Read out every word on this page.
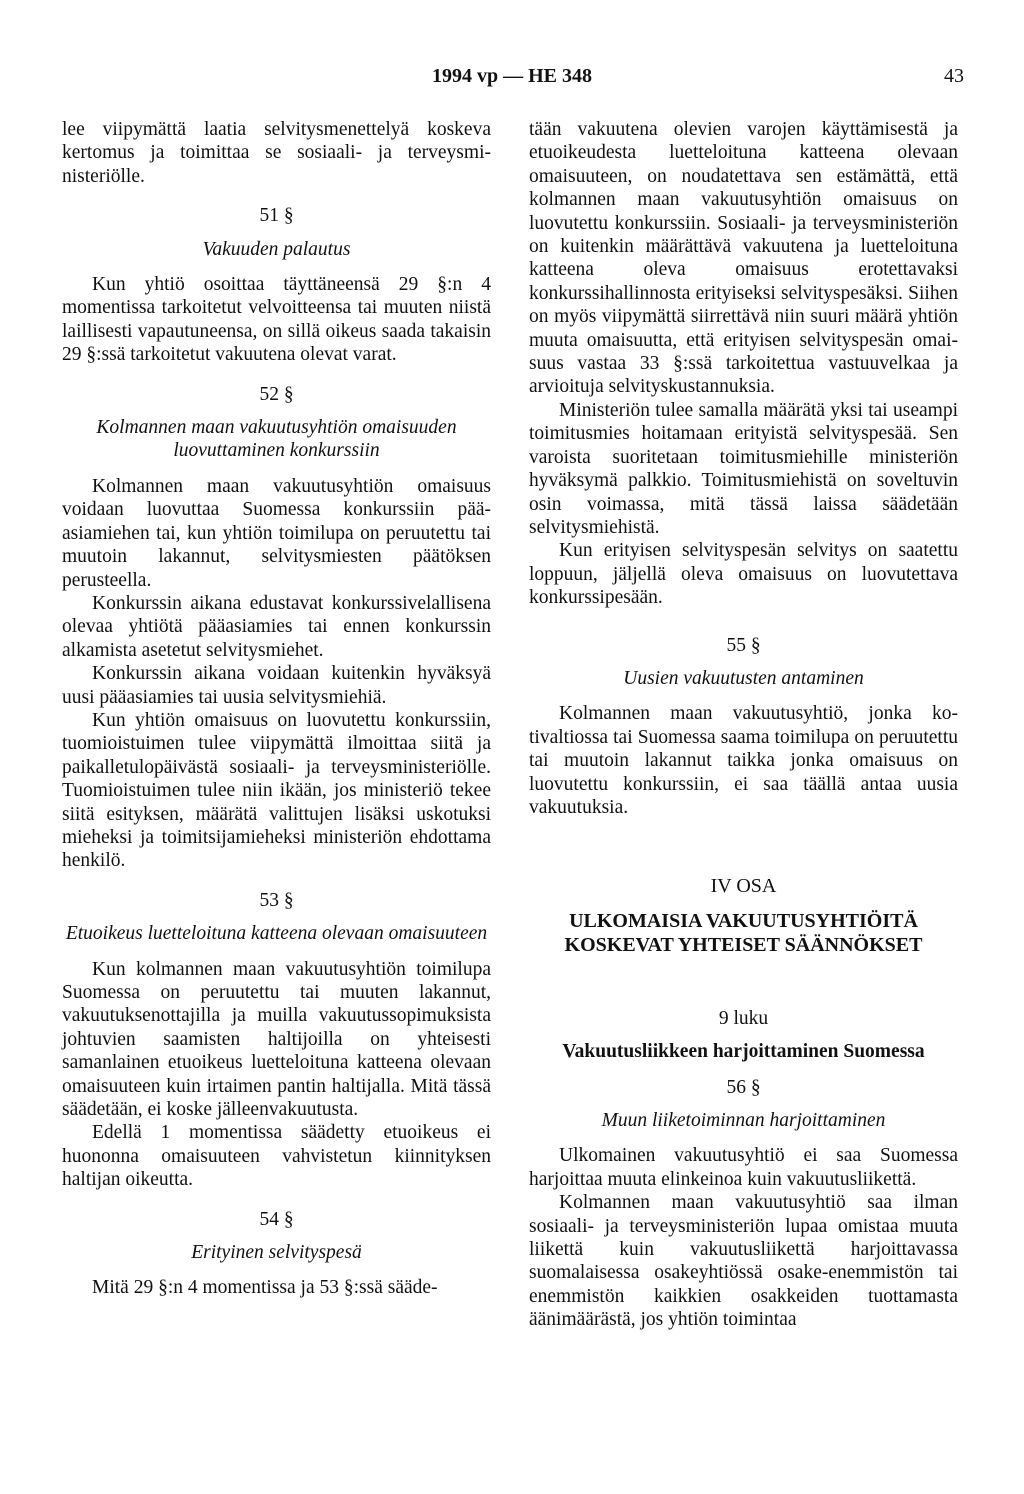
1994 vp — HE 348	43

lee viipymättä laatia selvitysmenettelyä koskeva kertomus ja toimittaa se sosiaali- ja terveysministeriölle.

51 §
Vakuuden palautus

Kun yhtiö osoittaa täyttäneensä 29 §:n 4 momentissa tarkoitetut velvoitteensa tai muuten niistä laillisesti vapautuneensa, on sillä oikeus saada takaisin 29 §:ssä tarkoitetut vakuutena olevat varat.

52 §
Kolmannen maan vakuutusyhtiön omaisuuden luovuttaminen konkurssiin

Kolmannen maan vakuutusyhtiön omaisuus voidaan luovuttaa Suomessa konkurssiin pääasiamiehen tai, kun yhtiön toimilupa on peruutettu tai muutoin lakannut, selvitysmiesten päätöksen perusteella.

Konkurssin aikana edustavat konkurssivelallisena olevaa yhtiötä pääasiamies tai ennen konkurssin alkamista asetetut selvitysmiehet.

Konkurssin aikana voidaan kuitenkin hyväksyä uusi pääasiamies tai uusia selvitysmiehiä.

Kun yhtiön omaisuus on luovutettu konkurssiin, tuomioistuimen tulee viipymättä ilmoittaa siitä ja paikalletulopäivästä sosiaali- ja terveysministeriölle. Tuomioistuimen tulee niin ikään, jos ministeriö tekee siitä esityksen, määrätä valittujen lisäksi uskotuksi mieheksi ja toimitsijamieheksi ministeriön ehdottama henkilö.

53 §
Etuoikeus luetteloituna katteena olevaan omaisuuteen

Kun kolmannen maan vakuutusyhtiön toimilupa Suomessa on peruutettu tai muuten lakannut, vakuutuksenottajilla ja muilla vakuutussopimuksista johtuvien saamisten haltijoilla on yhteisesti samanlainen etuoikeus luetteloituna katteena olevaan omaisuuteen kuin irtaimen pantin haltijalla. Mitä tässä säädetään, ei koske jälleenvakuutusta.

Edellä 1 momentissa säädetty etuoikeus ei huononna omaisuuteen vahvistetun kiinnityksen haltijan oikeutta.

54 §
Erityinen selvityspesä

Mitä 29 §:n 4 momentissa ja 53 §:ssä sääde-

tään vakuutena olevien varojen käyttämisestä ja etuoikeudesta luetteloituna katteena olevaan omaisuuteen, on noudatettava sen estämättä, että kolmannen maan vakuutusyhtiön omaisuus on luovutettu konkurssiin. Sosiaali- ja terveysministeriön on kuitenkin määrättävä vakuutena ja luetteloituna katteena oleva omaisuus erotettavaksi konkurssihallinnosta erityiseksi selvityspesäksi. Siihen on myös viipymättä siirrettävä niin suuri määrä yhtiön muuta omaisuutta, että erityisen selvityspesän omaisuus vastaa 33 §:ssä tarkoitettua vastuuvelkaa ja arvioituja selvityskustannuksia.

Ministeriön tulee samalla määrätä yksi tai useampi toimitusmies hoitamaan erityistä selvityspesää. Sen varoista suoritetaan toimitusmiehille ministeriön hyväksymä palkkio. Toimitusmiehistä on soveltuvin osin voimassa, mitä tässä laissa säädetään selvitysmiehistä.

Kun erityisen selvityspesän selvitys on saatettu loppuun, jäljellä oleva omaisuus on luovutettava konkurssipesään.

55 §
Uusien vakuutusten antaminen

Kolmannen maan vakuutusyhtiö, jonka kotivaltiossa tai Suomessa saama toimilupa on peruutettu tai muutoin lakannut taikka jonka omaisuus on luovutettu konkurssiin, ei saa täällä antaa uusia vakuutuksia.

IV OSA
ULKOMAISIA VAKUUTUSYHTIÖITÄ KOSKEVAT YHTEISET SÄÄNNÖKSET
9 luku
Vakuutusliikkeen harjoittaminen Suomessa
56 §
Muun liiketoiminnan harjoittaminen

Ulkomainen vakuutusyhtiö ei saa Suomessa harjoittaa muuta elinkeinoa kuin vakuutusliikettä.

Kolmannen maan vakuutusyhtiö saa ilman sosiaali- ja terveysministeriön lupaa omistaa muuta liikettä kuin vakuutusliikettä harjoittavassa suomalaisessa osakeyhtiössä osake-enemmistön tai enemmistön kaikkien osakkeiden tuottamasta äänimäärästä, jos yhtiön toimintaa
